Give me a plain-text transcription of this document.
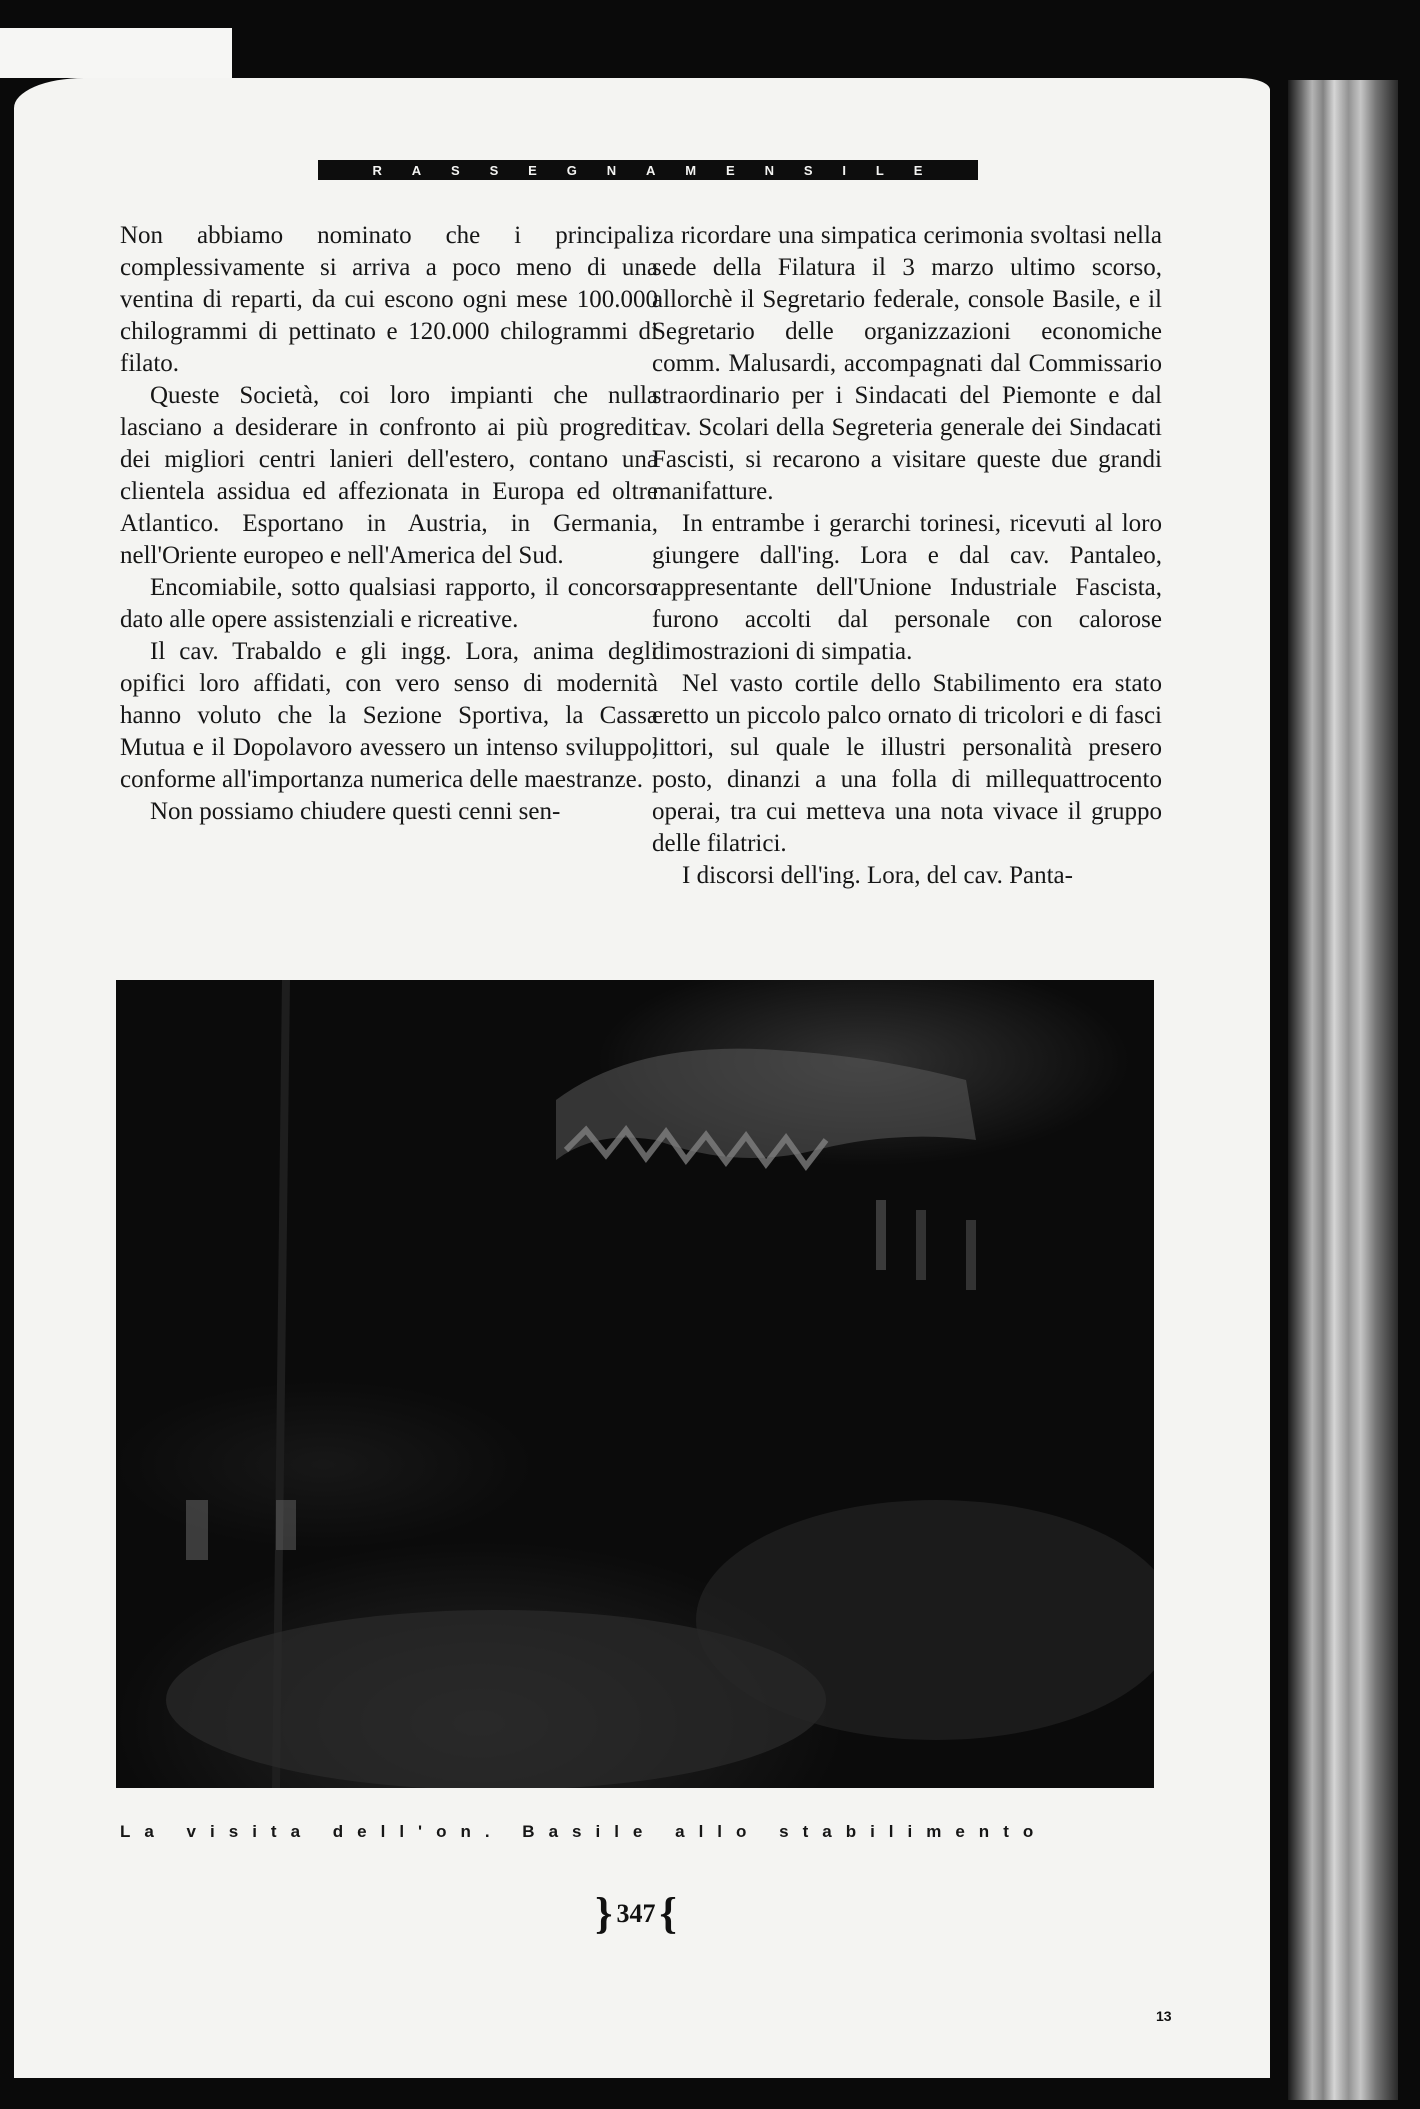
R A S S E G N A M E N S I L E

Non abbiamo nominato che i principali: complessivamente si arriva a poco meno di una ventina di reparti, da cui escono ogni mese 100.000 chilogrammi di pettinato e 120.000 chilogrammi di filato.

Queste Società, coi loro impianti che nulla lasciano a desiderare in confronto ai più progrediti dei migliori centri lanieri dell'estero, contano una clientela assidua ed affezionata in Europa ed oltre Atlantico. Esportano in Austria, in Germania, nell'Oriente europeo e nell'America del Sud.

Encomiabile, sotto qualsiasi rapporto, il concorso dato alle opere assistenziali e ricreative.

Il cav. Trabaldo e gli ingg. Lora, anima degli opifici loro affidati, con vero senso di modernità hanno voluto che la Sezione Sportiva, la Cassa Mutua e il Dopolavoro avessero un intenso sviluppo, conforme all'importanza numerica delle maestranze.

Non possiamo chiudere questi cenni sen-

za ricordare una simpatica cerimonia svoltasi nella sede della Filatura il 3 marzo ultimo scorso, allorchè il Segretario federale, console Basile, e il Segretario delle organizzazioni economiche comm. Malusardi, accompagnati dal Commissario straordinario per i Sindacati del Piemonte e dal cav. Scolari della Segreteria generale dei Sindacati Fascisti, si recarono a visitare queste due grandi manifatture.

In entrambe i gerarchi torinesi, ricevuti al loro giungere dall'ing. Lora e dal cav. Pantaleo, rappresentante dell'Unione Industriale Fascista, furono accolti dal personale con calorose dimostrazioni di simpatia.

Nel vasto cortile dello Stabilimento era stato eretto un piccolo palco ornato di tricolori e di fasci littori, sul quale le illustri personalità presero posto, dinanzi a una folla di millequattrocento operai, tra cui metteva una nota vivace il gruppo delle filatrici.

I discorsi dell'ing. Lora, del cav. Panta-

La visita dell'on. Basile allo stabilimento
} 347 {
13
